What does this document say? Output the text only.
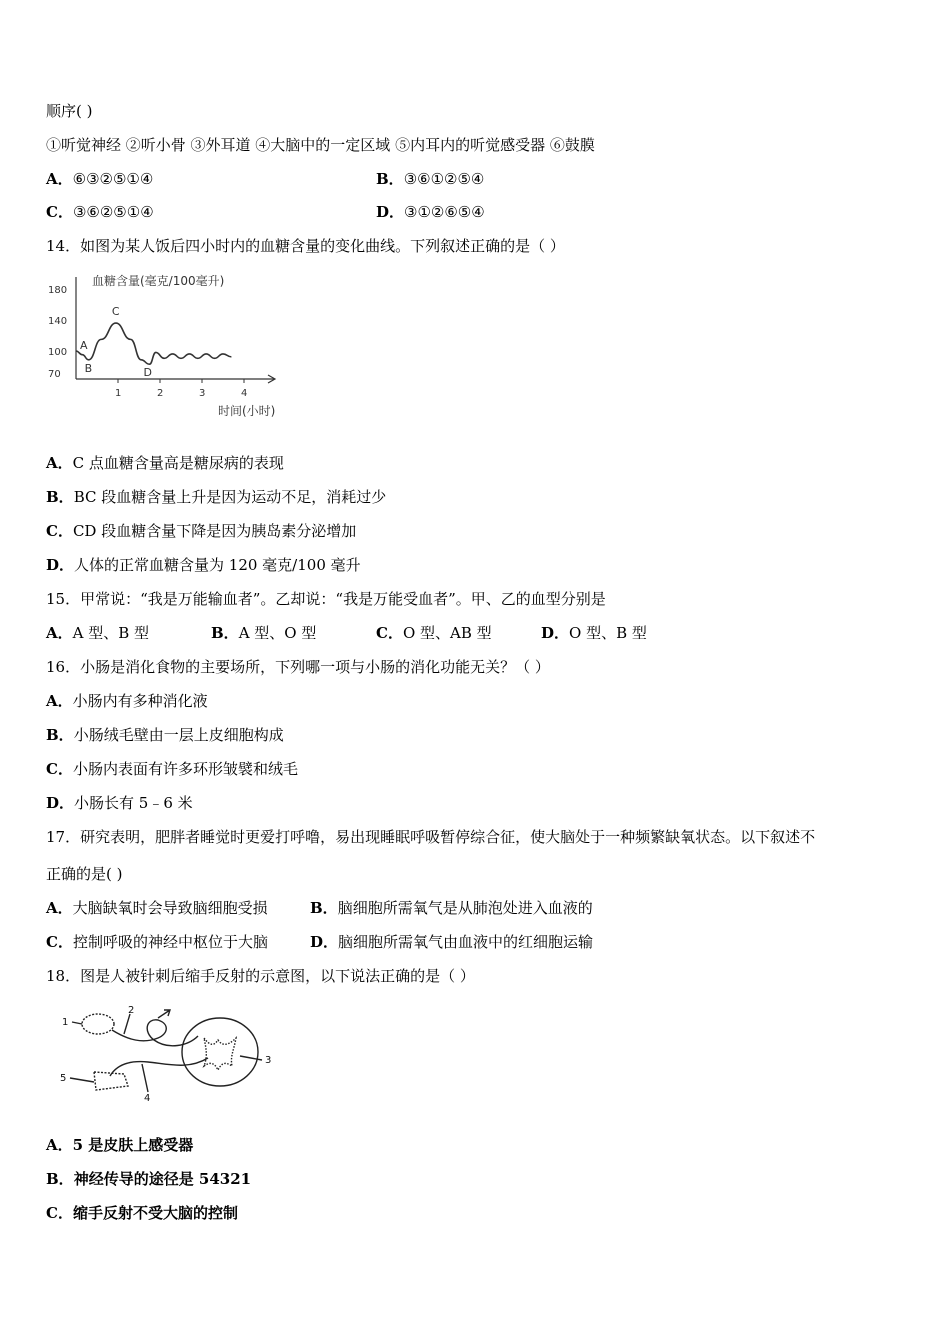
顺序( )
①听觉神经 ②听小骨 ③外耳道 ④大脑中的一定区域 ⑤内耳内的听觉感受器 ⑥鼓膜
A．⑥③②⑤①④	B．③⑥①②⑤④
C．③⑥②⑤①④	D．③①②⑥⑤④
14．如图为某人饭后四小时内的血糖含量的变化曲线。下列叙述正确的是（ ）
血糖含量(毫克/100毫升)
时间(小时)
1	2	3	4
180
140
100
70
A
B
C
D
A．C 点血糖含量高是糖尿病的表现
B．BC 段血糖含量上升是因为运动不足，消耗过少
C．CD 段血糖含量下降是因为胰岛素分泌增加
D．人体的正常血糖含量为 120 毫克/100 毫升
15．甲常说：“我是万能输血者”。乙却说：“我是万能受血者”。甲、乙的血型分别是
A．A 型、B 型	B．A 型、O 型	C．O 型、AB 型	D．O 型、B 型
16．小肠是消化食物的主要场所，下列哪一项与小肠的消化功能无关？（ ）
A．小肠内有多种消化液
B．小肠绒毛壁由一层上皮细胞构成
C．小肠内表面有许多环形皱襞和绒毛
D．小肠长有 5﹣6 米
17．研究表明，肥胖者睡觉时更爱打呼噜，易出现睡眠呼吸暂停综合征，使大脑处于一种频繁缺氧状态。以下叙述不
正确的是( )
A．大脑缺氧时会导致脑细胞受损	B．脑细胞所需氧气是从肺泡处进入血液的
C．控制呼吸的神经中枢位于大脑	D．脑细胞所需氧气由血液中的红细胞运输
18．图是人被针刺后缩手反射的示意图，以下说法正确的是（ ）
1
2
3
4
5
A．5 是皮肤上感受器
B．神经传导的途径是 54321
C．缩手反射不受大脑的控制
